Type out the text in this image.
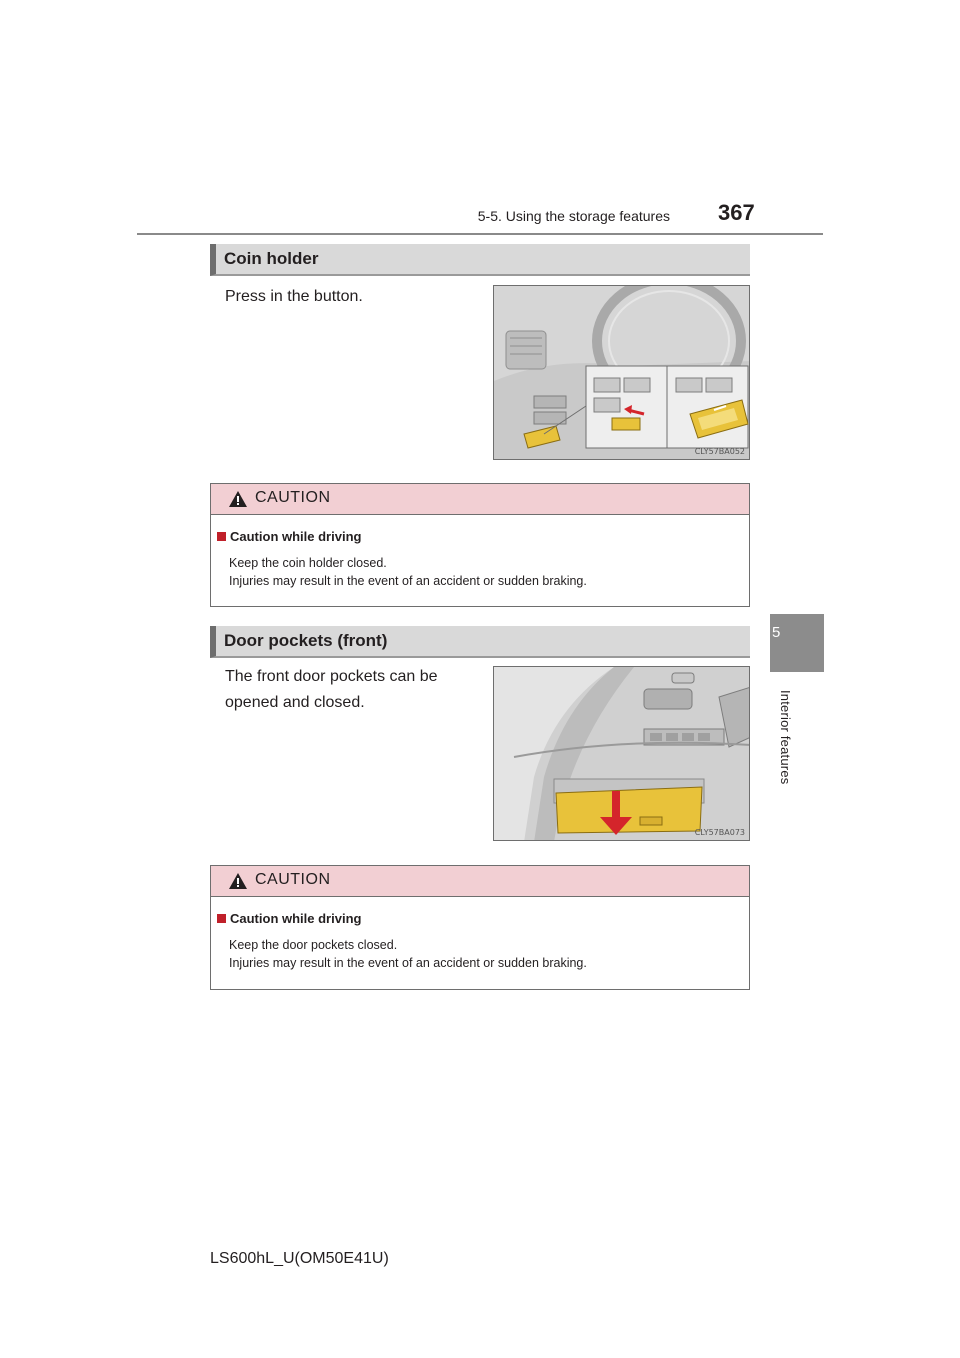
5-5. Using the storage features 367
5
Interior features
Coin holder
Press in the button.
CLY57BA052
CAUTION
Caution while driving
Keep the coin holder closed.
Injuries may result in the event of an accident or sudden braking.
Door pockets (front)
The front door pockets can be
opened and closed.
CLY57BA073
CAUTION
Caution while driving
Keep the door pockets closed.
Injuries may result in the event of an accident or sudden braking.
LS600hL_U(OM50E41U)
